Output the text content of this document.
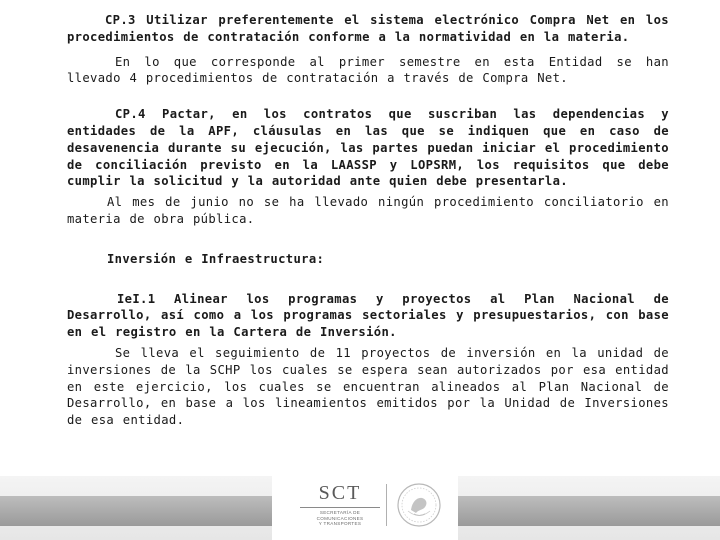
CP.3 Utilizar preferentemente el sistema electrónico Compra Net en los procedimientos de contratación conforme a la normatividad en la materia.

En lo que corresponde al primer semestre en esta Entidad se han llevado 4 procedimientos de contratación a través de Compra Net.

CP.4 Pactar, en los contratos que suscriban las dependencias y entidades de la APF, cláusulas en las que se indiquen que en caso de desavenencia durante su ejecución, las partes puedan iniciar el procedimiento de conciliación previsto en la LAASSP y LOPSRM, los requisitos que debe cumplir la solicitud y la autoridad ante quien debe presentarla.

Al mes de junio no se ha llevado ningún procedimiento conciliatorio en materia de obra pública.

Inversión e Infraestructura:

IeI.1 Alinear los programas y proyectos al Plan Nacional de Desarrollo, así como a los programas sectoriales y presupuestarios, con base en el registro en la Cartera de Inversión.

Se lleva el seguimiento de 11 proyectos de inversión en la unidad de inversiones de la SCHP los cuales se espera sean autorizados por esa entidad en este ejercicio, los cuales se encuentran alineados al Plan Nacional de Desarrollo, en base a los lineamientos emitidos por la Unidad de Inversiones de esa entidad.

SCT
SECRETARÍA DE
COMUNICACIONES
Y TRANSPORTES
